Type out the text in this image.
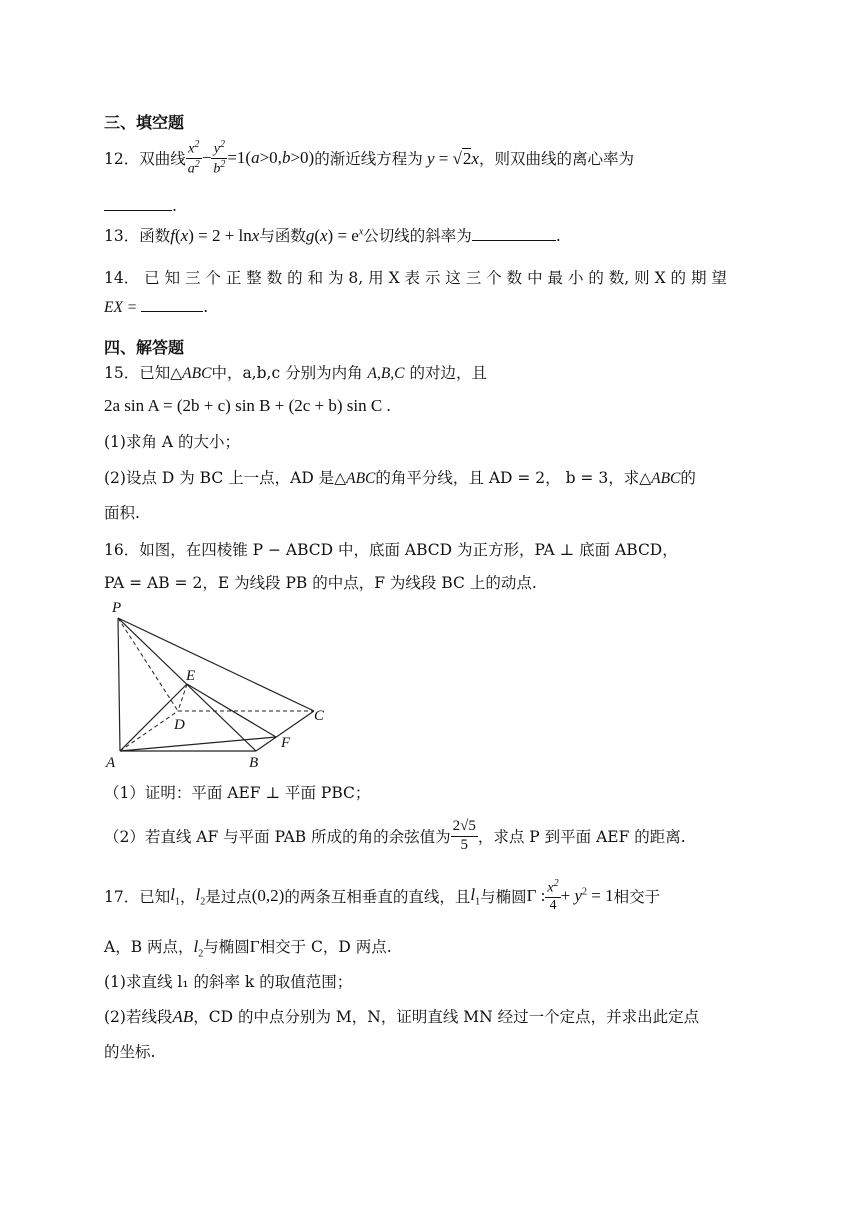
三、填空题
12． 双曲线 $\frac{x^2}{a^2} - \frac{y^2}{b^2} =1(a>0,b>0)$ 的渐近线方程为 y = √2x ，则双曲线的离心率为
.
13．函数f(x) = 2 + lnx与函数$g(x) = e^x$公切线的斜率为	.
14． 已 知 三 个 正 整 数 的 和 为 8, 用 X 表 示 这 三 个 数 中 最 小 的 数, 则 X 的 期 望
EX =	.
四、解答题
15．已知△ABC中，a,b,c 分别为内角 A,B,C 的对边，且
2a sin A = (2b + c) sin B + (2c + b) sin C .
(1)求角 A 的大小；
(2)设点 D 为 BC 上一点，AD 是△ABC的角平分线，且 AD = 2， b = 3，求△ABC的
面积.
16．如图，在四棱锥 P − ABCD 中，底面 ABCD 为正方形，PA ⊥ 底面 ABCD，
PA = AB = 2，E 为线段 PB 的中点，F 为线段 BC 上的动点.
P
E
D
C
F
A	B
（1）证明：平面 AEF ⊥ 平面 PBC；
（2）若直线 AF 与平面 PAB 所成的角的余弦值为 $\frac{2√5}{5}$ ，求点 P 到平面 AEF 的距离.
17．已知 $l_1$ ， $l_2$ 是过点 (0,2) 的两条互相垂直的直线，且 $l_1$ 与椭圆 Γ : $\frac{x^2}{4} + y^2 = 1$ 相交于
A，B 两点，$l_2$与椭圆Γ相交于 C，D 两点.
(1)求直线 l₁ 的斜率 k 的取值范围；
(2)若线段AB，CD 的中点分别为 M，N，证明直线 MN 经过一个定点，并求出此定点
的坐标.
